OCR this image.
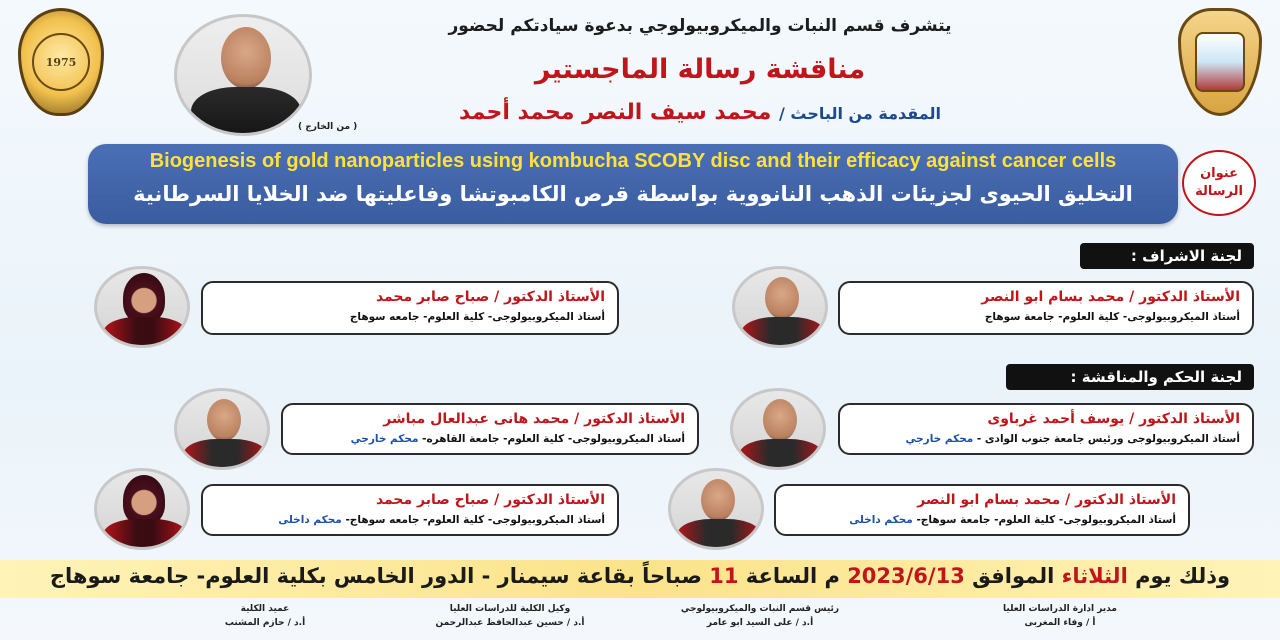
1975
( من الخارج )
يتشرف قسم النبات والميكروبيولوجي بدعوة سيادتكم لحضور
مناقشة رسالة الماجستير
المقدمة من الباحث / محمد سيف النصر محمد أحمد
Biogenesis of gold nanoparticles using kombucha SCOBY disc and their efficacy against cancer cells
التخليق الحيوى لجزيئات الذهب النانووية بواسطة قرص الكامبوتشا وفاعليتها ضد الخلايا السرطانية
عنوان
الرسالة
لجنة الاشراف :
الأستاذ الدكتور / محمد بسام ابو النصر
أستاذ الميكروبيولوجى- كلية العلوم- جامعة سوهاج
الأستاذ الدكتور / صباح صابر محمد
أستاذ الميكروبيولوجى- كلية العلوم- جامعه سوهاج
لجنة الحكم والمناقشة :
الأستاذ الدكتور / يوسف أحمد غرباوى
أستاذ الميكروبيولوجى ورئيس جامعة جنوب الوادى - محكم خارجي
الأستاذ الدكتور / محمد هانى عبدالعال مباشر
أستاذ الميكروبيولوجى- كلية العلوم- جامعة القاهره- محكم خارجي
الأستاذ الدكتور / محمد بسام ابو النصر
أستاذ الميكروبيولوجى- كلية العلوم- جامعة سوهاج- محكم داخلى
الأستاذ الدكتور / صباح صابر محمد
أستاذ الميكروبيولوجى- كلية العلوم- جامعه سوهاج- محكم داخلى
وذلك يوم الثلاثاء الموافق 2023/6/13 م الساعة 11 صباحاً بقاعة سيمنار - الدور الخامس بكلية العلوم- جامعة سوهاج
مدير ادارة الدراسات العليا
أ / وفاء المغربى
رئيس قسم النبات والميكروبيولوجي
أ.د / على السيد ابو عامر
وكيل الكلية للدراسات العليا
أ.د / حسين عبدالحافظ عبدالرحمن
عميد الكلية
أ.د / حازم المشنب
